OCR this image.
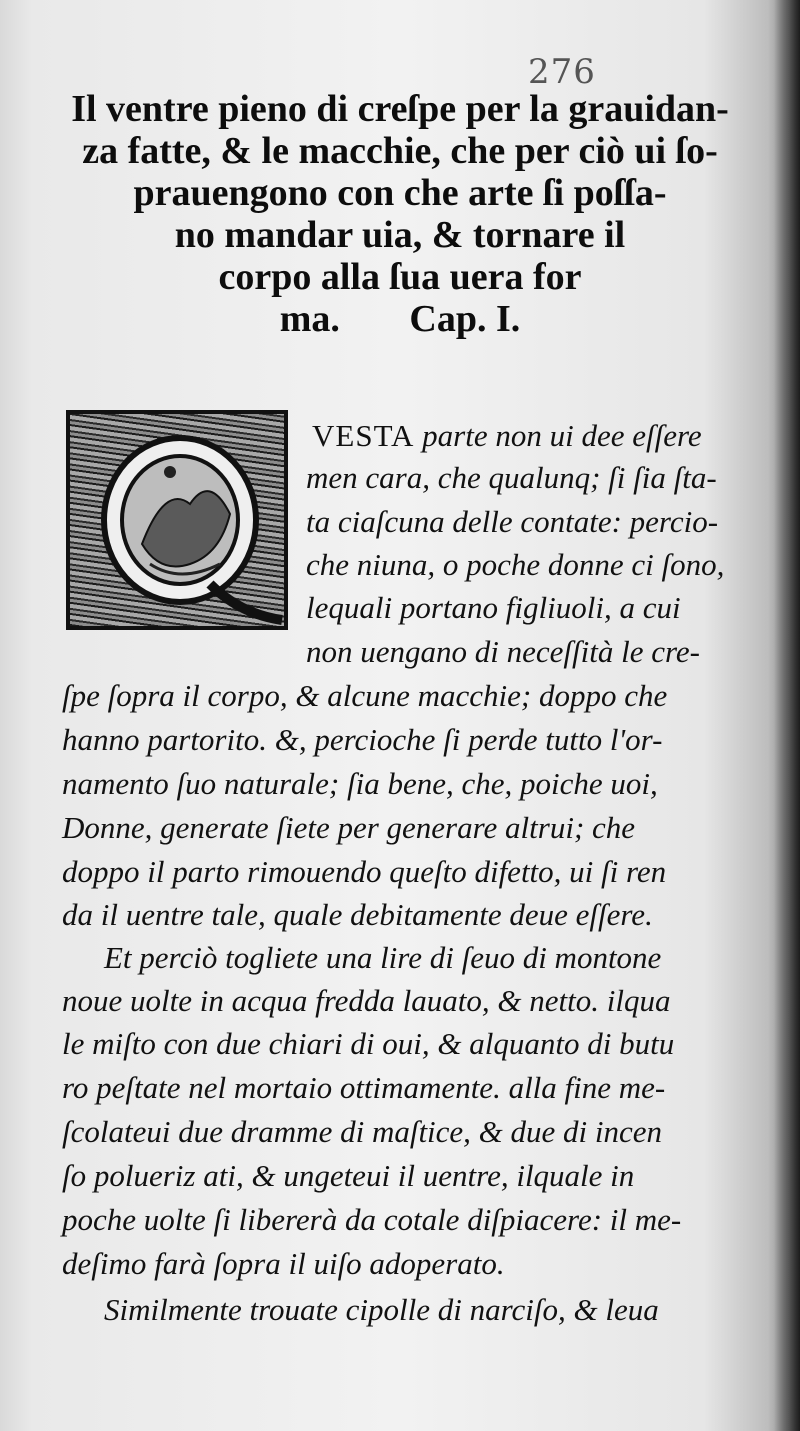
276
Il ventre pieno di creſpe per la grauidan-
za fatte, & le macchie, che per ciò ui ſo-
prauengono con che arte ſi poſſa-
no mandar uia, & tornare il
corpo alla ſua uera for
ma. Cap. I.
VESTA parte non ui dee eſſere
men cara, che qualunq; ſi ſia ſta-
ta ciaſcuna delle contate: percio-
che niuna, o poche donne ci ſono,
lequali portano figliuoli, a cui
non uengano di neceſſità le cre-
ſpe ſopra il corpo, & alcune macchie; doppo che
hanno partorito. &, percioche ſi perde tutto l'or-
namento ſuo naturale; ſia bene, che, poiche uoi,
Donne, generate ſiete per generare altrui; che
doppo il parto rimouendo queſto difetto, ui ſi ren
da il uentre tale, quale debitamente deue eſſere.
Et perciò togliete una lire di ſeuo di montone
noue uolte in acqua fredda lauato, & netto. ilqua
le miſto con due chiari di oui, & alquanto di butu
ro peſtate nel mortaio ottimamente. alla fine me-
ſcolateui due dramme di maſtice, & due di incen
ſo polueriz ati, & ungeteui il uentre, ilquale in
poche uolte ſi libererà da cotale diſpiacere: il me-
deſimo farà ſopra il uiſo adoperato.
Similmente trouate cipolle di narciſo, & leua
